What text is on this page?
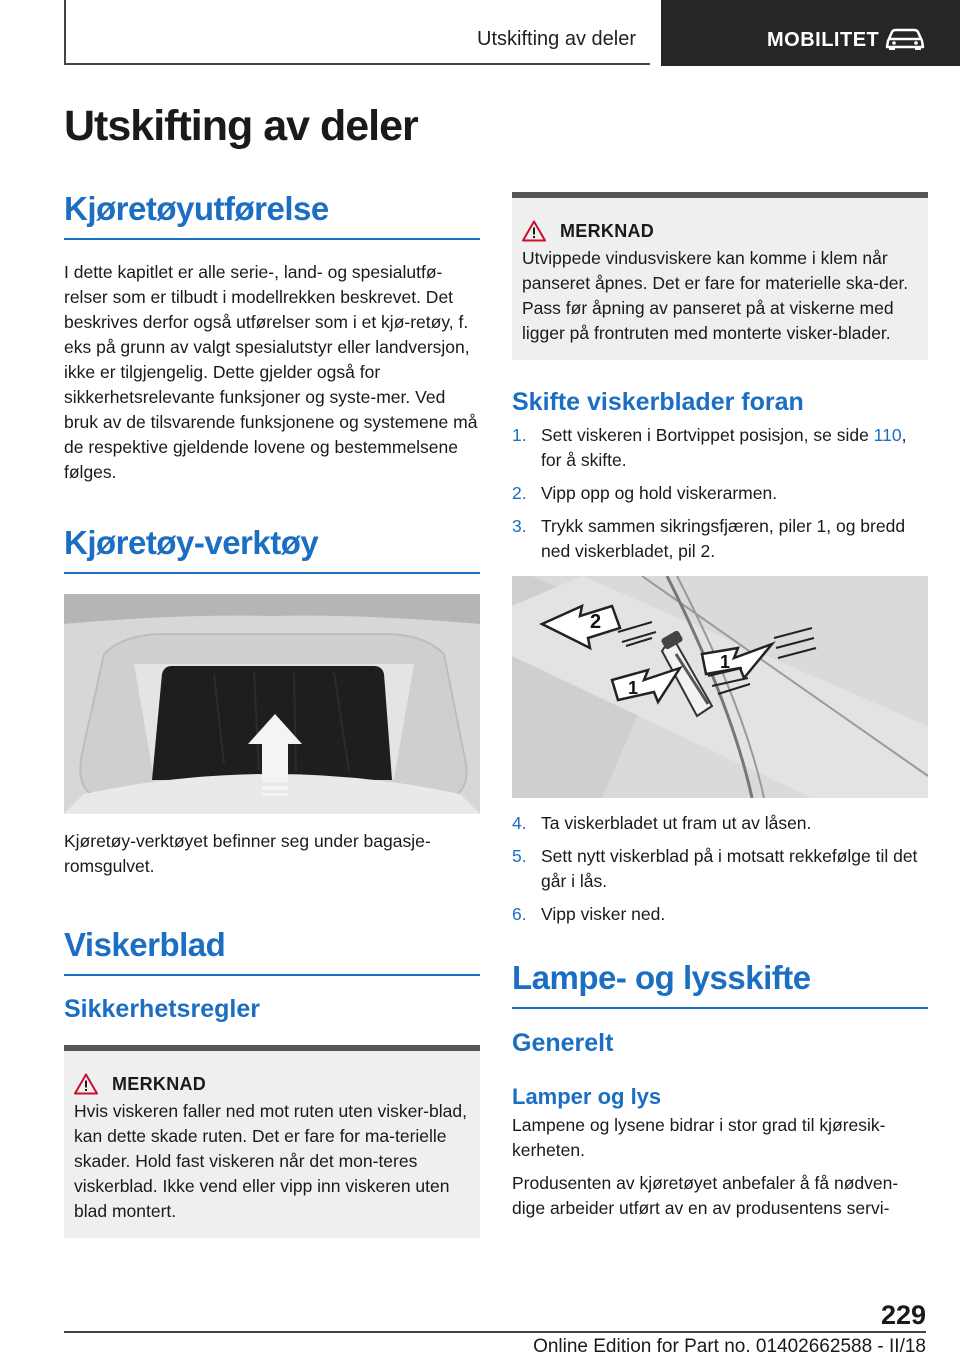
Utskifting av deler	MOBILITET
Utskifting av deler
Kjøretøyutførelse

I dette kapitlet er alle serie-, land- og spesialutfø-relser som er tilbudt i modellrekken beskrevet. Det beskrives derfor også utførelser som i et kjø-retøy, f. eks på grunn av valgt spesialutstyr eller landversjon, ikke er tilgjengelig. Dette gjelder også for sikkerhetsrelevante funksjoner og syste-mer. Ved bruk av de tilsvarende funksjonene og systemene må de respektive gjeldende lovene og bestemmelsene følges.

Kjøretøy-verktøy

Kjøretøy-verktøyet befinner seg under bagasje-romsgulvet.

Viskerblad
Sikkerhetsregler
MERKNAD

Hvis viskeren faller ned mot ruten uten visker-blad, kan dette skade ruten. Det er fare for ma-terielle skader. Hold fast viskeren når det mon-teres viskerblad. Ikke vend eller vipp inn viskeren uten blad montert.

MERKNAD

Utvippede vindusviskere kan komme i klem når panseret åpnes. Det er fare for materielle ska-der. Pass før åpning av panseret på at viskerne med ligger på frontruten med monterte visker-blader.

Skifte viskerblader foran
1. Sett viskeren i Bortvippet posisjon, se side 110, for å skifte.
2. Vipp opp og hold viskerarmen.
3. Trykk sammen sikringsfjæren, piler 1, og bredd ned viskerbladet, pil 2.
2
1
1
4. Ta viskerbladet ut fram ut av låsen.
5. Sett nytt viskerblad på i motsatt rekkefølge til det går i lås.
6. Vipp visker ned.
Lampe- og lysskifte
Generelt
Lamper og lys

Lampene og lysene bidrar i stor grad til kjøresik-kerheten.

Produsenten av kjøretøyet anbefaler å få nødven-dige arbeider utført av en av produsentens servi-

229
Online Edition for Part no. 01402662588 - II/18
